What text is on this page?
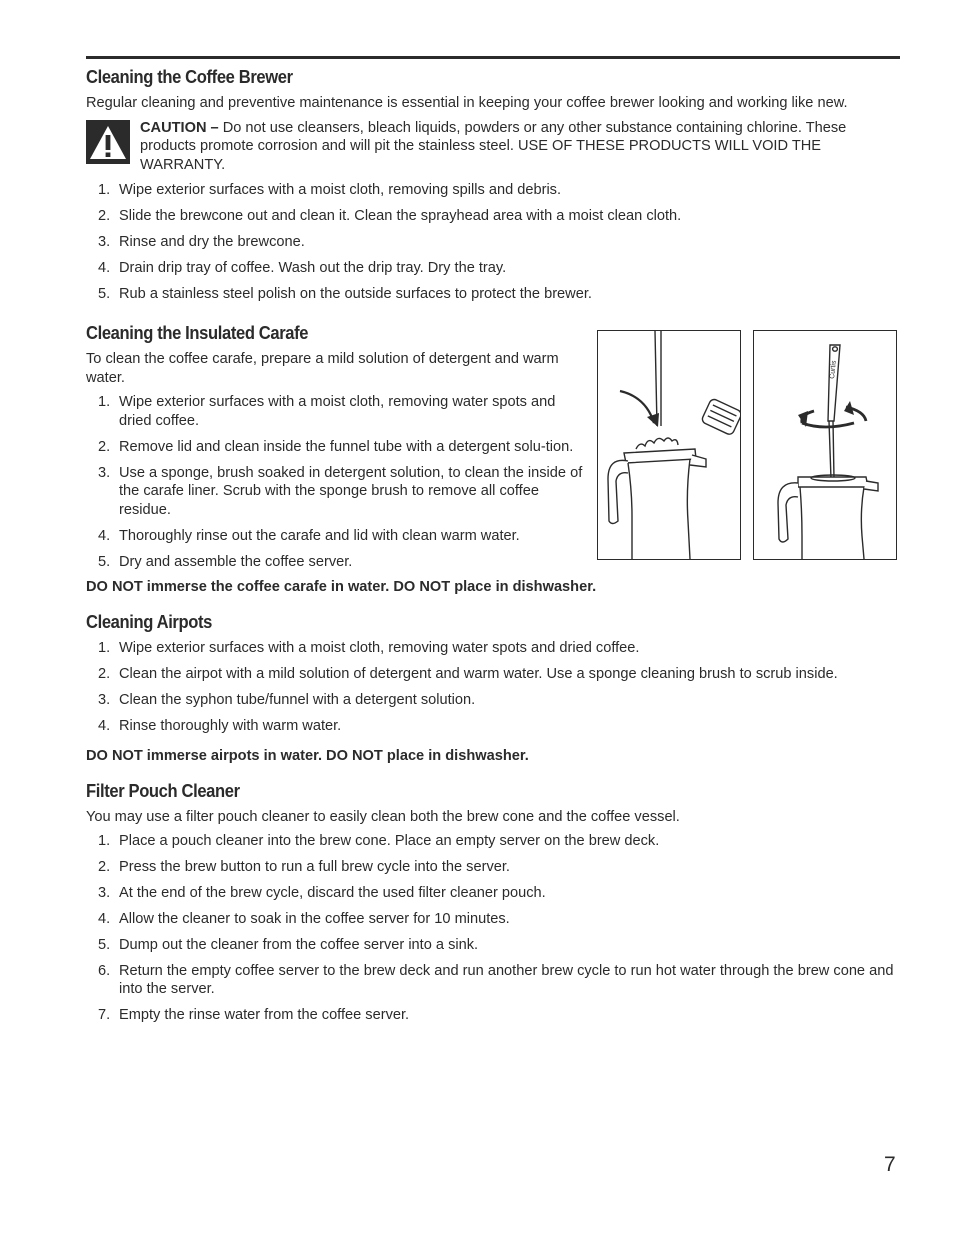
Cleaning the Coffee Brewer

Regular cleaning and preventive maintenance is essential in keeping your coffee brewer looking and working like new.

CAUTION – Do not use cleansers, bleach liquids, powders or any other substance containing chlorine. These products promote corrosion and will pit the stainless steel. USE OF THESE PRODUCTS WILL VOID THE WARRANTY.

1. Wipe exterior surfaces with a moist cloth, removing spills and debris.
2. Slide the brewcone out and clean it. Clean the sprayhead area with a moist clean cloth.
3. Rinse and dry the brewcone.
4. Drain drip tray of coffee. Wash out the drip tray. Dry the tray.
5. Rub a stainless steel polish on the outside surfaces to protect the brewer.
Cleaning the Insulated Carafe

To clean the coffee carafe, prepare a mild solution of detergent and warm water.

1. Wipe exterior surfaces with a moist cloth, removing water spots and dried coffee.
2. Remove lid and clean inside the funnel tube with a detergent solu-tion.
3. Use a sponge, brush soaked in detergent solution, to clean the inside of the carafe liner. Scrub with the sponge brush to remove all coffee residue.
4. Thoroughly rinse out the carafe and lid with clean warm water.
5. Dry and assemble the coffee server.
Curtis

DO NOT immerse the coffee carafe in water. DO NOT place in dishwasher.

Cleaning Airpots
1. Wipe exterior surfaces with a moist cloth, removing water spots and dried coffee.
2. Clean the airpot with a mild solution of detergent and warm water. Use a sponge cleaning brush to scrub inside.
3. Clean the syphon tube/funnel with a detergent solution.
4. Rinse thoroughly with warm water.

DO NOT immerse airpots in water. DO NOT place in dishwasher.

Filter Pouch Cleaner

You may use a filter pouch cleaner to easily clean both the brew cone and the coffee vessel.

1. Place a pouch cleaner into the brew cone. Place an empty server on the brew deck.
2. Press the brew button to run a full brew cycle into the server.
3. At the end of the brew cycle, discard the used filter cleaner pouch.
4. Allow the cleaner to soak in the coffee server for 10 minutes.
5. Dump out the cleaner from the coffee server into a sink.
6. Return the empty coffee server to the brew deck and run another brew cycle to run hot water through the brew cone and into the server.
7. Empty the rinse water from the coffee server.
7
